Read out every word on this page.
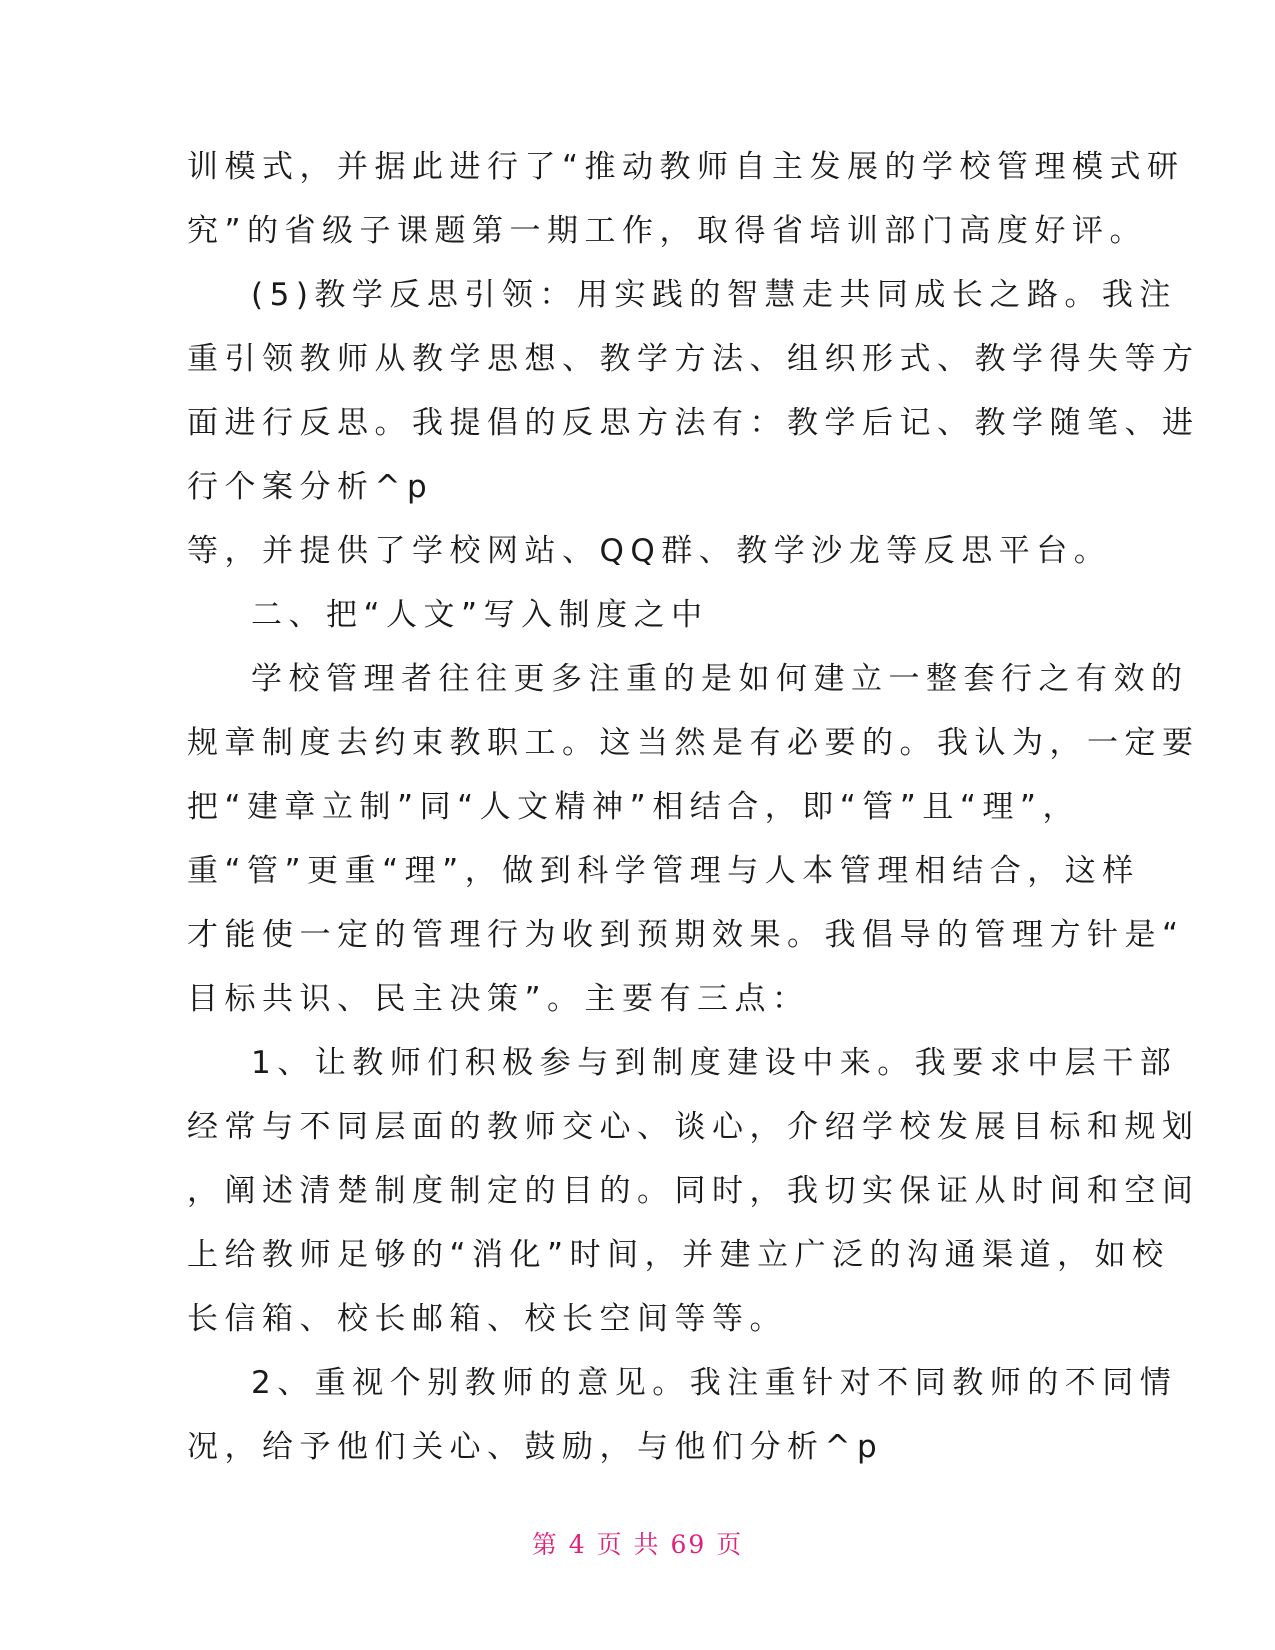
训模式，并据此进行了“推动教师自主发展的学校管理模式研
究”的省级子课题第一期工作，取得省培训部门高度好评。
(5)教学反思引领：用实践的智慧走共同成长之路。我注
重引领教师从教学思想、教学方法、组织形式、教学得失等方
面进行反思。我提倡的反思方法有：教学后记、教学随笔、进
行个案分析^p
等，并提供了学校网站、QQ群、教学沙龙等反思平台。
二、把“人文”写入制度之中
学校管理者往往更多注重的是如何建立一整套行之有效的
规章制度去约束教职工。这当然是有必要的。我认为，一定要
把“建章立制”同“人文精神”相结合，即“管”且“理”，
重“管”更重“理”，做到科学管理与人本管理相结合，这样
才能使一定的管理行为收到预期效果。我倡导的管理方针是“
目标共识、民主决策”。主要有三点：
1、让教师们积极参与到制度建设中来。我要求中层干部
经常与不同层面的教师交心、谈心，介绍学校发展目标和规划
，阐述清楚制度制定的目的。同时，我切实保证从时间和空间
上给教师足够的“消化”时间，并建立广泛的沟通渠道，如校
长信箱、校长邮箱、校长空间等等。
2、重视个别教师的意见。我注重针对不同教师的不同情
况，给予他们关心、鼓励，与他们分析^p
第 4 页 共 69 页
